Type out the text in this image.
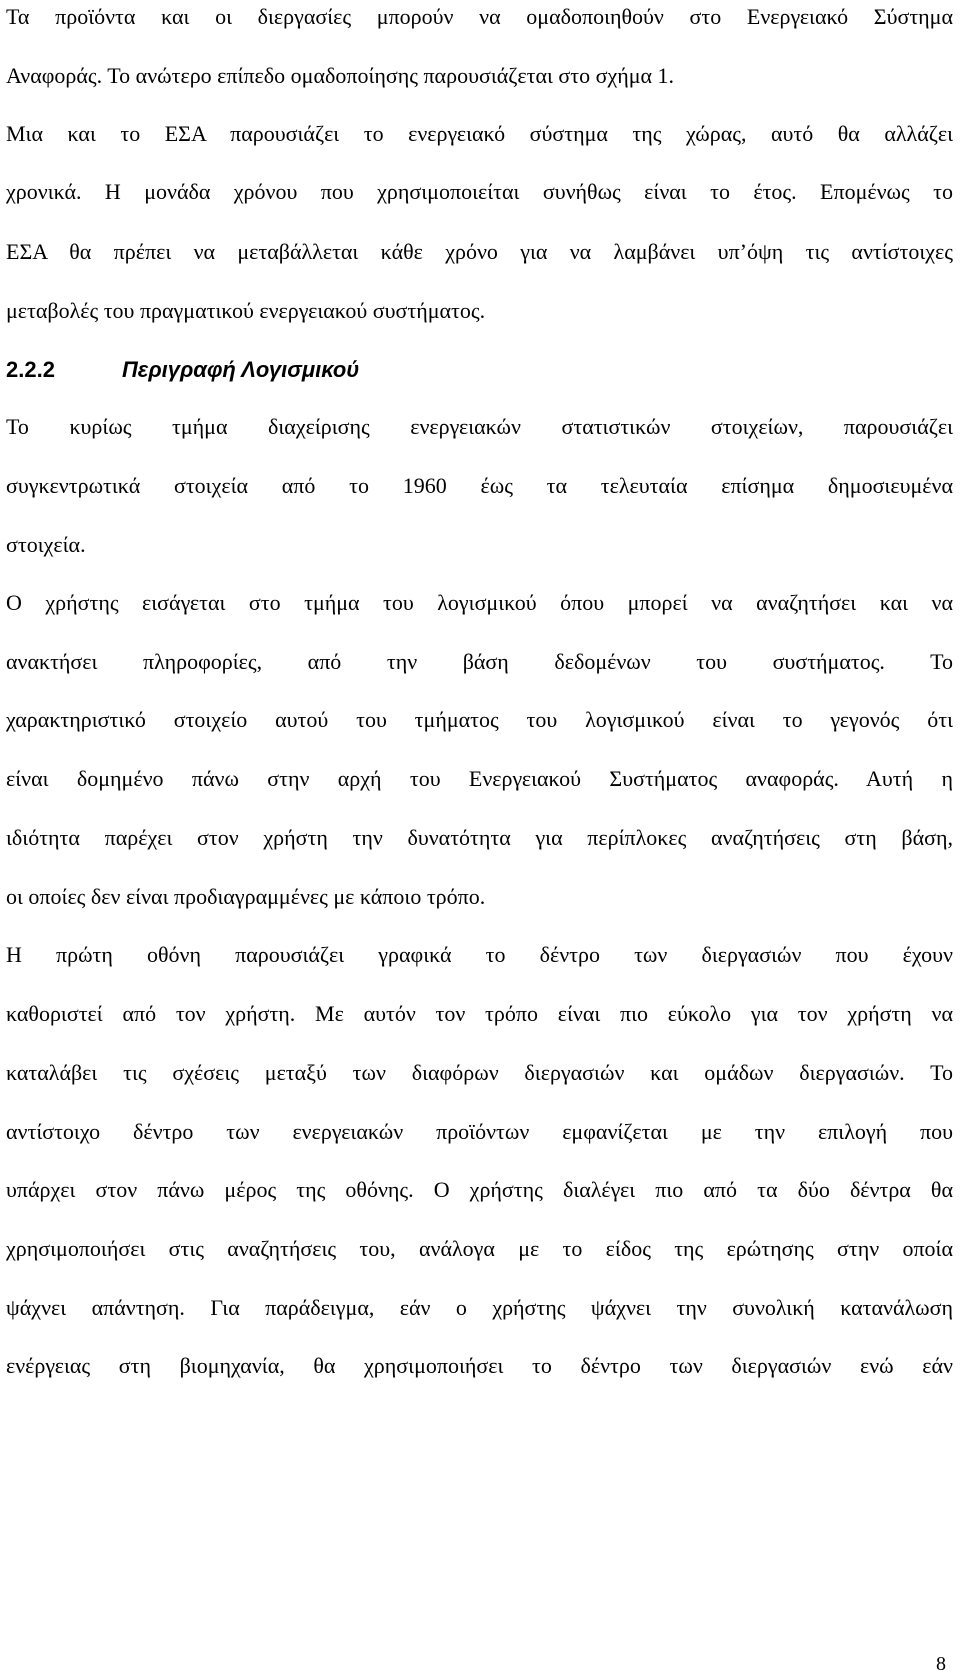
Τα προϊόντα και οι διεργασίες μπορούν να ομαδοποιηθούν στο Ενεργειακό Σύστημα
Αναφοράς. Το ανώτερο επίπεδο ομαδοποίησης παρουσιάζεται στο σχήμα 1.
Μια και το ΕΣΑ παρουσιάζει το ενεργειακό σύστημα της χώρας, αυτό θα αλλάζει
χρονικά. Η μονάδα χρόνου που χρησιμοποιείται συνήθως είναι το έτος. Επομένως το
ΕΣΑ θα πρέπει να μεταβάλλεται κάθε χρόνο για να λαμβάνει υπ’όψη τις αντίστοιχες
μεταβολές του πραγματικού ενεργειακού συστήματος.
2.2.2	Περιγραφή Λογισμικού
Το κυρίως τμήμα διαχείρισης ενεργειακών στατιστικών στοιχείων, παρουσιάζει
συγκεντρωτικά στοιχεία από το 1960 έως τα τελευταία επίσημα δημοσιευμένα
στοιχεία.
Ο χρήστης εισάγεται στο τμήμα του λογισμικού όπου μπορεί να αναζητήσει και να
ανακτήσει πληροφορίες, από την βάση δεδομένων του συστήματος. Το
χαρακτηριστικό στοιχείο αυτού του τμήματος του λογισμικού είναι το γεγονός ότι
είναι δομημένο πάνω στην αρχή του Ενεργειακού Συστήματος αναφοράς. Αυτή η
ιδιότητα παρέχει στον χρήστη την δυνατότητα για περίπλοκες αναζητήσεις στη βάση,
οι οποίες δεν είναι προδιαγραμμένες με κάποιο τρόπο.
Η πρώτη οθόνη παρουσιάζει γραφικά το δέντρο των διεργασιών που έχουν
καθοριστεί από τον χρήστη. Με αυτόν τον τρόπο είναι πιο εύκολο για τον χρήστη να
καταλάβει τις σχέσεις μεταξύ των διαφόρων διεργασιών και ομάδων διεργασιών. Το
αντίστοιχο δέντρο των ενεργειακών προϊόντων εμφανίζεται με την επιλογή που
υπάρχει στον πάνω μέρος της οθόνης. Ο χρήστης διαλέγει πιο από τα δύο δέντρα θα
χρησιμοποιήσει στις αναζητήσεις του, ανάλογα με το είδος της ερώτησης στην οποία
ψάχνει απάντηση. Για παράδειγμα, εάν ο χρήστης ψάχνει την συνολική κατανάλωση
ενέργειας στη βιομηχανία, θα χρησιμοποιήσει το δέντρο των διεργασιών ενώ εάν
8
